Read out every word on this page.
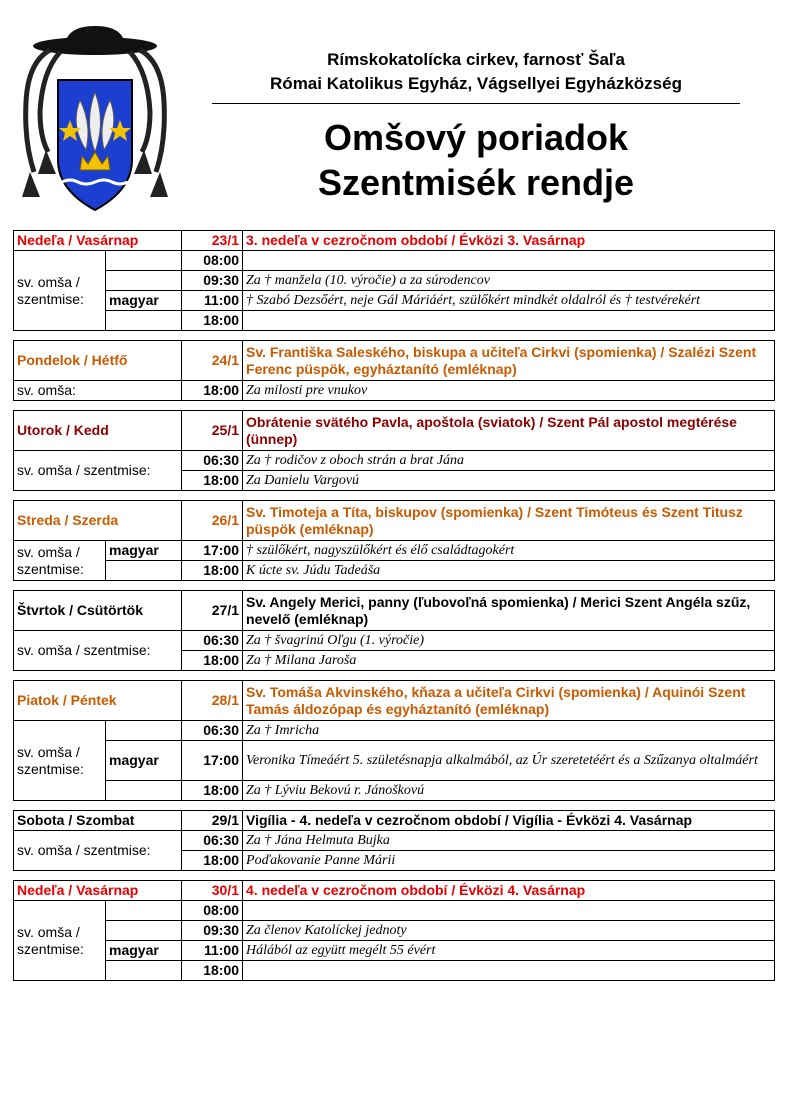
Rímskokatolícka cirkev, farnosť Šaľa
Római Katolikus Egyház, Vágsellyei Egyházközség
Omšový poriadok
Szentmisék rendje
Nedeľa / Vasárnap		23/1	3. nedeľa v cezročnom období / Évközi 3. Vasárnap
sv. omša / szentmise:		08:00	
		09:30	Za † manžela (10. výročie) a za súrodencov
	magyar	11:00	† Szabó Dezsőért, neje Gál Máriáért, szülőkért mindkét oldalról és † testvérekért
		18:00	
Pondelok / Hétfő	24/1	Sv. Františka Saleského, biskupa a učiteľa Cirkvi (spomienka) / Szalézi Szent Ferenc püspök, egyháztanító (emléknap)
sv. omša:	18:00	Za milosti pre vnukov
Utorok / Kedd	25/1	Obrátenie svätého Pavla, apoštola (sviatok) / Szent Pál apostol megtérése (ünnep)
sv. omša / szentmise:	06:30	Za † rodičov z oboch strán a brat Jána
	18:00	Za Danielu Vargovú
Streda / Szerda		26/1	Sv. Timoteja a Títa, biskupov (spomienka) / Szent Timóteus és Szent Titusz püspök (emléknap)
sv. omša / szentmise:	magyar	17:00	† szülőkért, nagyszülőkért és élő családtagokért
		18:00	K úcte sv. Júdu Tadeáša
Štvrtok / Csütörtök	27/1	Sv. Angely Merici, panny (ľubovoľná spomienka) / Merici Szent Angéla szűz, nevelő (emléknap)
sv. omša / szentmise:	06:30	Za † švagrinú Oľgu (1. výročie)
	18:00	Za † Milana Jaroša
Piatok / Péntek		28/1	Sv. Tomáša Akvinského, kňaza a učiteľa Cirkvi (spomienka) / Aquinói Szent Tamás áldozópap és egyháztanító (emléknap)
sv. omša / szentmise:		06:30	Za † Imricha
	magyar	17:00	Veronika Tímeáért 5. születésnapja alkalmából, az Úr szeretetéért és a Szűzanya oltalmáért
		18:00	Za † Lýviu Bekovú r. Jánoškovú
Sobota / Szombat	29/1	Vigília - 4. nedeľa v cezročnom období / Vigília - Évközi 4. Vasárnap
sv. omša / szentmise:	06:30	Za † Jána Helmuta Bujka
	18:00	Poďakovanie Panne Márii
Nedeľa / Vasárnap		30/1	4. nedeľa v cezročnom období / Évközi 4. Vasárnap
sv. omša / szentmise:		08:00	
		09:30	Za členov Katolíckej jednoty
	magyar	11:00	Hálából az együtt megélt 55 évért
		18:00	
